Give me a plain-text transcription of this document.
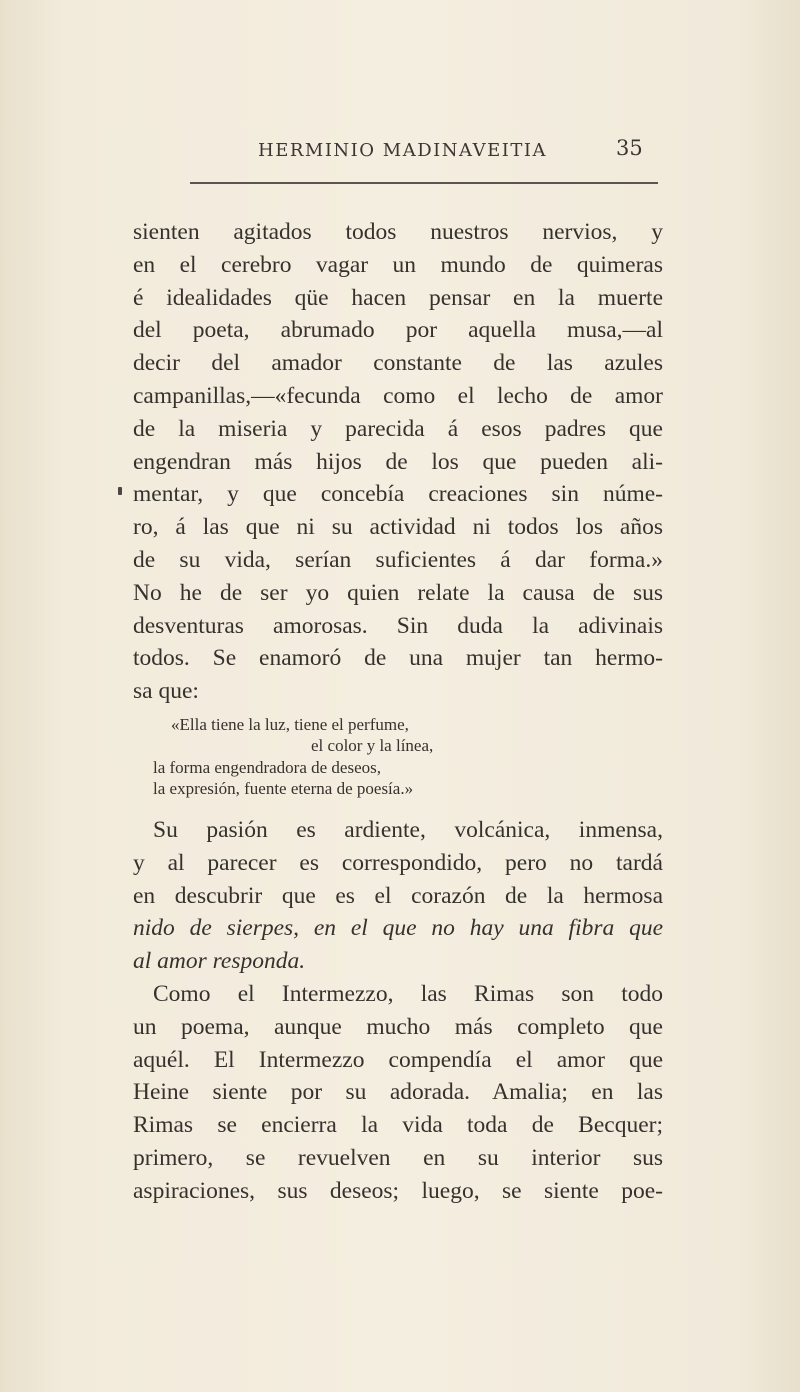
HERMINIO MADINAVEITIA	35
sienten agitados todos nuestros nervios, y
en el cerebro vagar un mundo de quimeras
é idealidades qüe hacen pensar en la muerte
del poeta, abrumado por aquella musa,—al
decir del amador constante de las azules
campanillas,—«fecunda como el lecho de amor
de la miseria y parecida á esos padres que
engendran más hijos de los que pueden ali-
mentar, y que concebía creaciones sin núme-
ro, á las que ni su actividad ni todos los años
de su vida, serían suficientes á dar forma.»
No he de ser yo quien relate la causa de sus
desventuras amorosas. Sin duda la adivinais
todos. Se enamoró de una mujer tan hermo-
sa que:
«Ella tiene la luz, tiene el perfume,
el color y la línea,
la forma engendradora de deseos,
la expresión, fuente eterna de poesía.»
Su pasión es ardiente, volcánica, inmensa,
y al parecer es correspondido, pero no tardá
en descubrir que es el corazón de la hermosa
nido de sierpes, en el que no hay una fibra que
al amor responda.
Como el Intermezzo, las Rimas son todo
un poema, aunque mucho más completo que
aquél. El Intermezzo compendía el amor que
Heine siente por su adorada. Amalia; en las
Rimas se encierra la vida toda de Becquer;
primero, se revuelven en su interior sus
aspiraciones, sus deseos; luego, se siente poe-
